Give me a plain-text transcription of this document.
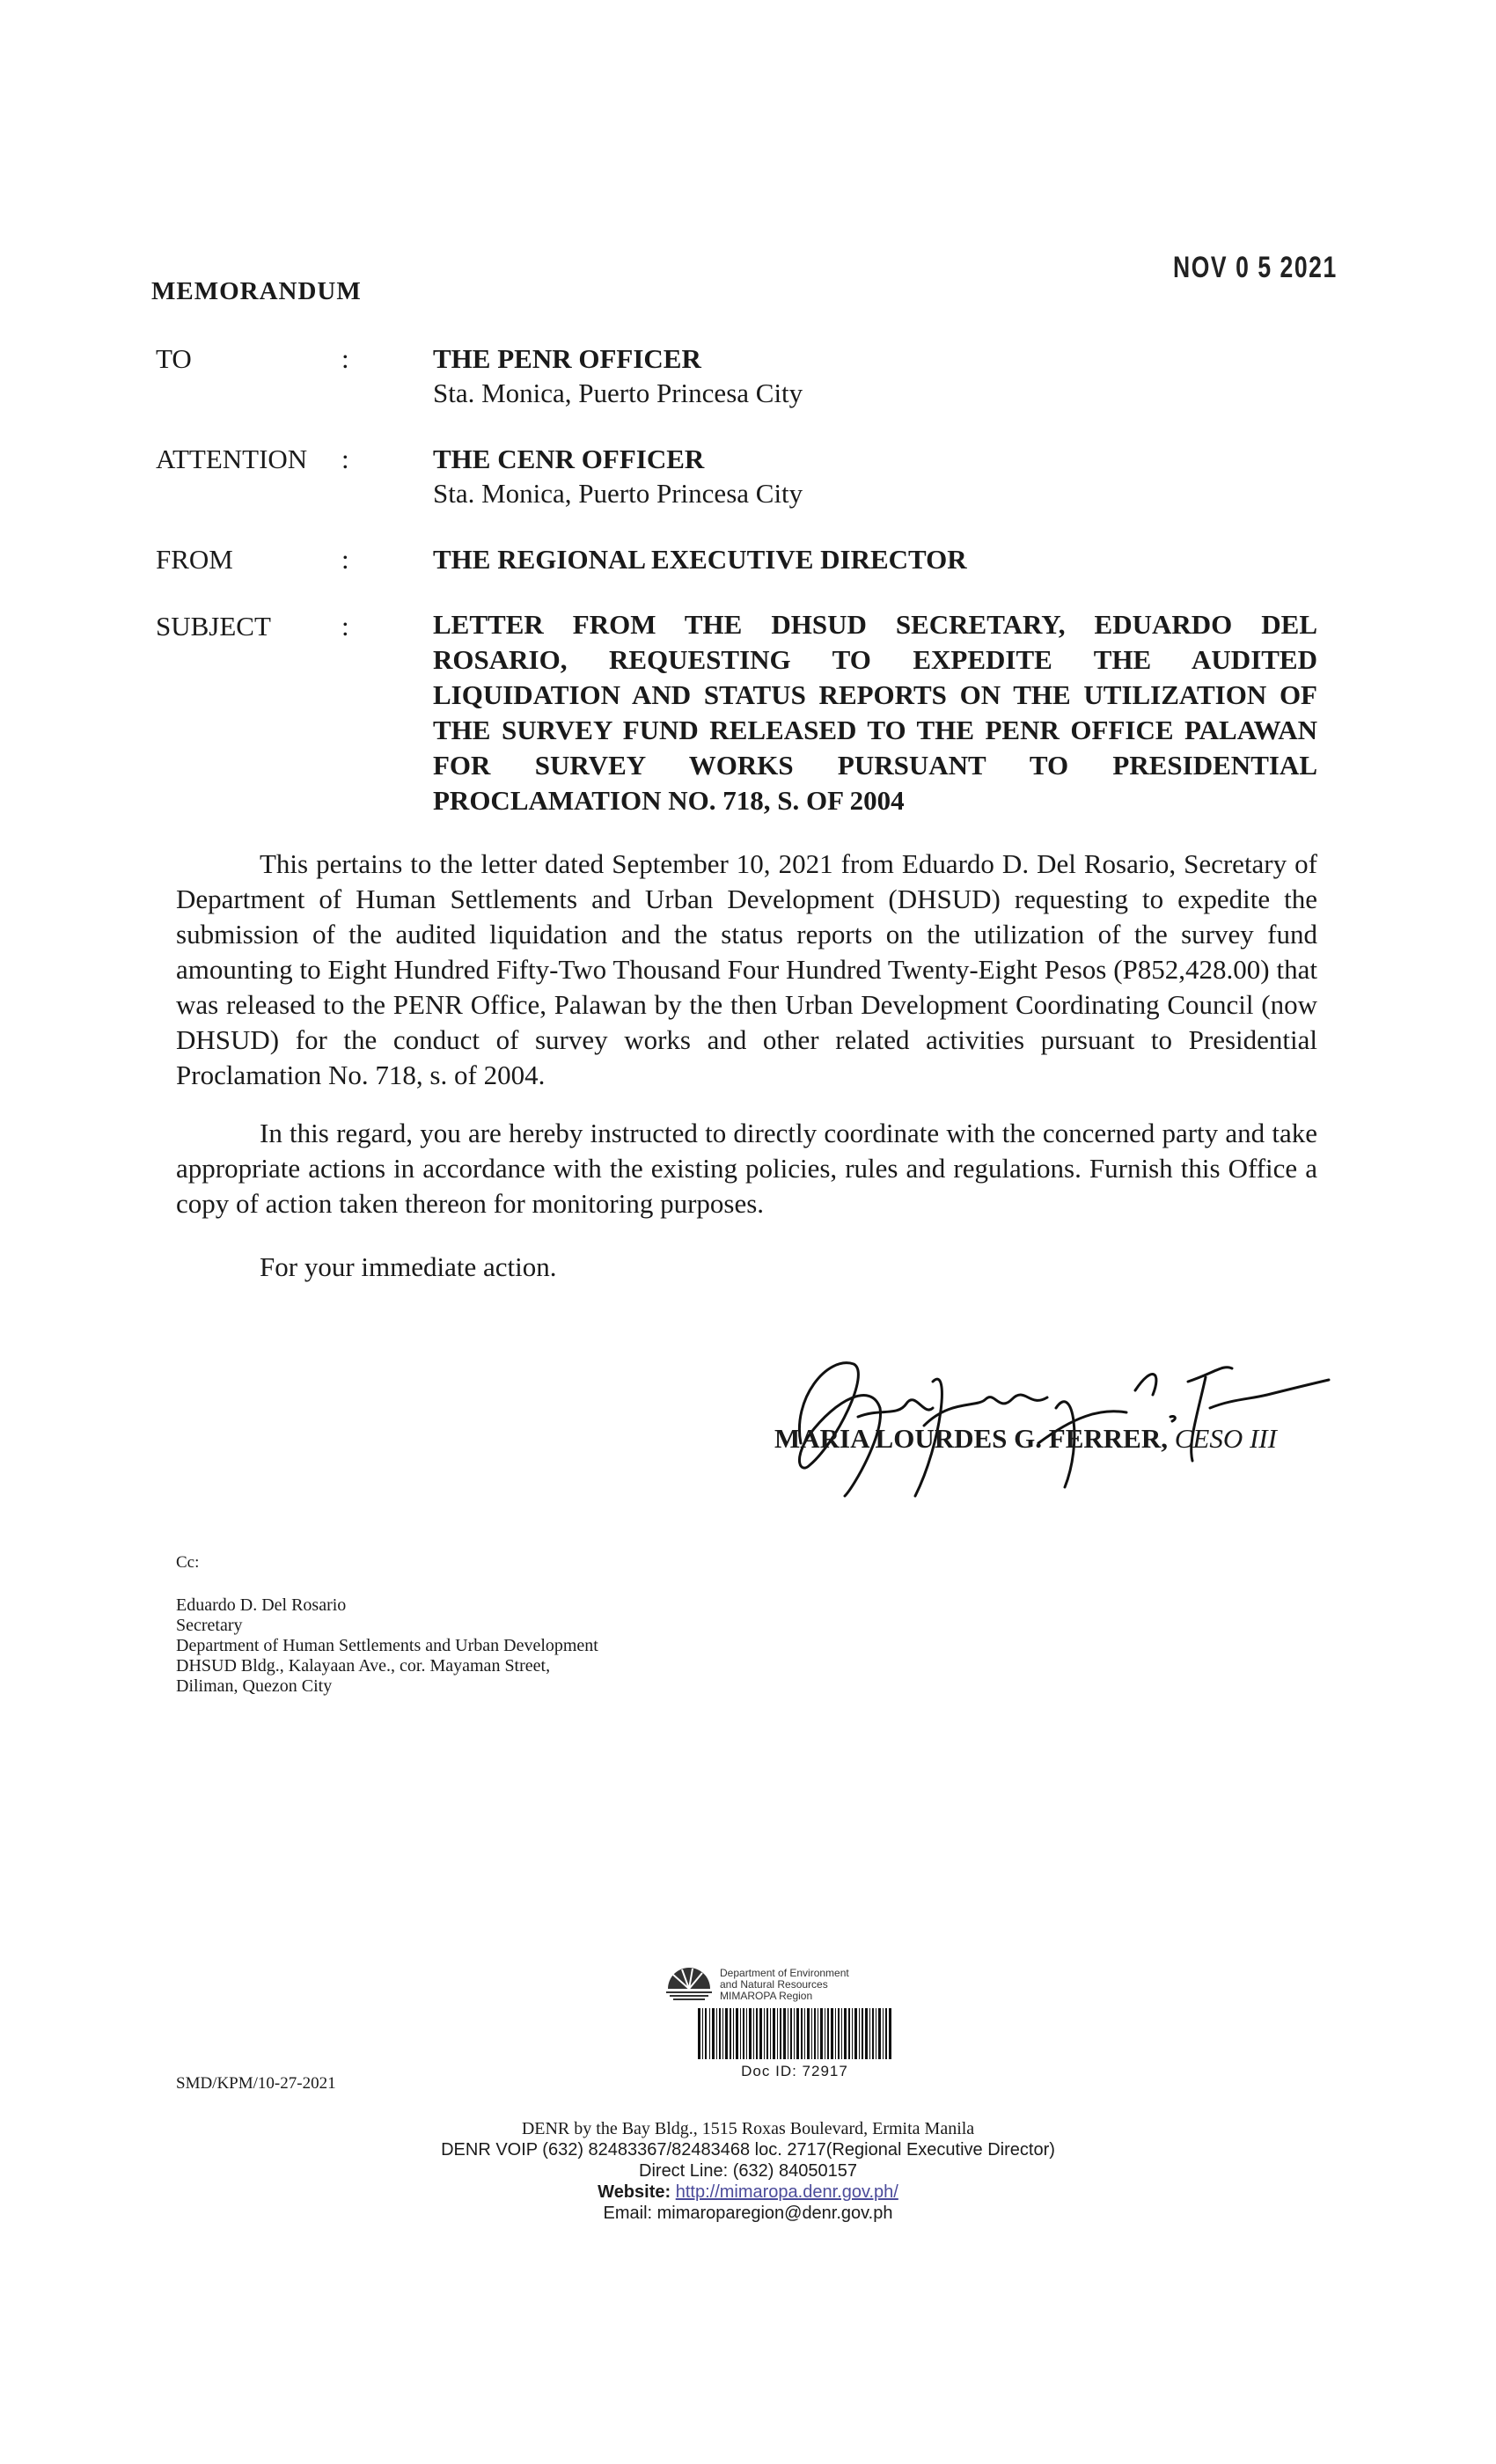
MEMORANDUM
NOV 0 5 2021
TO	:	THE PENR OFFICER
Sta. Monica, Puerto Princesa City
ATTENTION :	THE CENR OFFICER
Sta. Monica, Puerto Princesa City
FROM	:	THE REGIONAL EXECUTIVE DIRECTOR
SUBJECT	:	LETTER FROM THE DHSUD SECRETARY, EDUARDO DEL ROSARIO, REQUESTING TO EXPEDITE THE AUDITED LIQUIDATION AND STATUS REPORTS ON THE UTILIZATION OF THE SURVEY FUND RELEASED TO THE PENR OFFICE PALAWAN FOR SURVEY WORKS PURSUANT TO PRESIDENTIAL PROCLAMATION NO. 718, S. OF 2004
This pertains to the letter dated September 10, 2021 from Eduardo D. Del Rosario, Secretary of Department of Human Settlements and Urban Development (DHSUD) requesting to expedite the submission of the audited liquidation and the status reports on the utilization of the survey fund amounting to Eight Hundred Fifty-Two Thousand Four Hundred Twenty-Eight Pesos (P852,428.00) that was released to the PENR Office, Palawan by the then Urban Development Coordinating Council (now DHSUD) for the conduct of survey works and other related activities pursuant to Presidential Proclamation No. 718, s. of 2004.
In this regard, you are hereby instructed to directly coordinate with the concerned party and take appropriate actions in accordance with the existing policies, rules and regulations. Furnish this Office a copy of action taken thereon for monitoring purposes.
For your immediate action.
MARIA LOURDES G. FERRER, CESO III
Cc:
Eduardo D. Del Rosario
Secretary
Department of Human Settlements and Urban Development
DHSUD Bldg., Kalayaan Ave., cor. Mayaman Street,
Diliman, Quezon City
Department of Environment
and Natural Resources
MIMAROPA Region
Doc ID: 72917
SMD/KPM/10-27-2021
DENR by the Bay Bldg., 1515 Roxas Boulevard, Ermita Manila
DENR VOIP (632) 82483367/82483468 loc. 2717(Regional Executive Director)
Direct Line: (632) 84050157
Website: http://mimaropa.denr.gov.ph/
Email: mimaroparegion@denr.gov.ph
